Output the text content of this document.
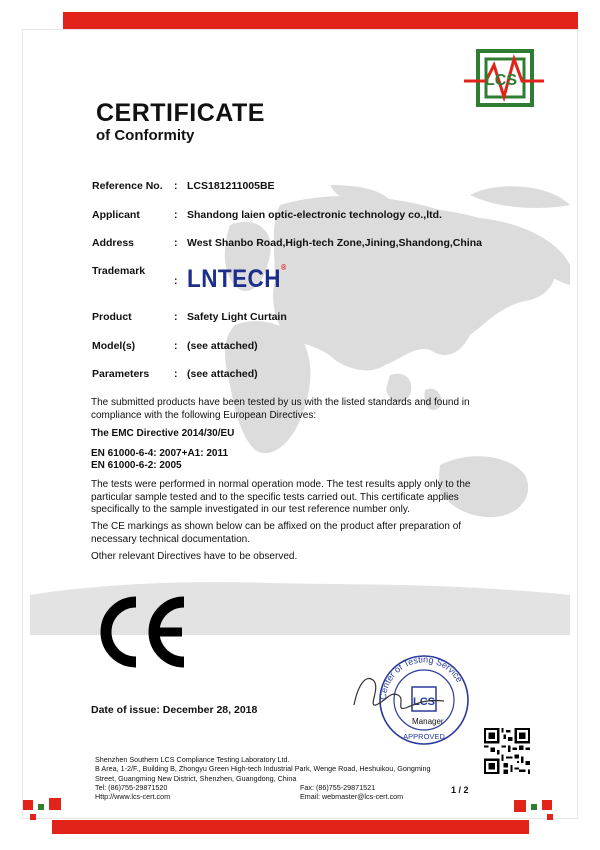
LCS
CERTIFICATE
of Conformity
Reference No.	: LCS181211005BE
Applicant	: Shandong laien optic-electronic technology co.,ltd.
Address	: West Shanbo Road,High-tech Zone,Jining,Shandong,China
Trademark
: LNTECH®
Product	: Safety Light Curtain
Model(s)	: (see attached)
Parameters	: (see attached)
The submitted products have been tested by us with the listed standards and found in compliance with the following European Directives:
The EMC Directive 2014/30/EU
EN 61000-6-4: 2007+A1: 2011
EN 61000-6-2: 2005
The tests were performed in normal operation mode. The test results apply only to the particular sample tested and to the specific tests carried out. This certificate applies specifically to the sample investigated in our test reference number only.
The CE markings as shown below can be affixed on the product after preparation of necessary technical documentation.
Other relevant Directives have to be observed.
Center of Testing Service
APPROVED
LCS
Manager
Date of issue: December 28, 2018
Shenzhen Southern LCS Compliance Testing Laboratory Ltd.
B Area, 1-2/F., Building B, Zhongyu Green High-tech Industrial Park, Wenge Road, Heshuikou, Gongming
Street, Guangming New District, Shenzhen, Guangdong, China
Tel: (86)755-29871520	Fax: (86)755-29871521
Http://www.lcs-cert.com	Email: webmaster@lcs-cert.com
1 / 2
